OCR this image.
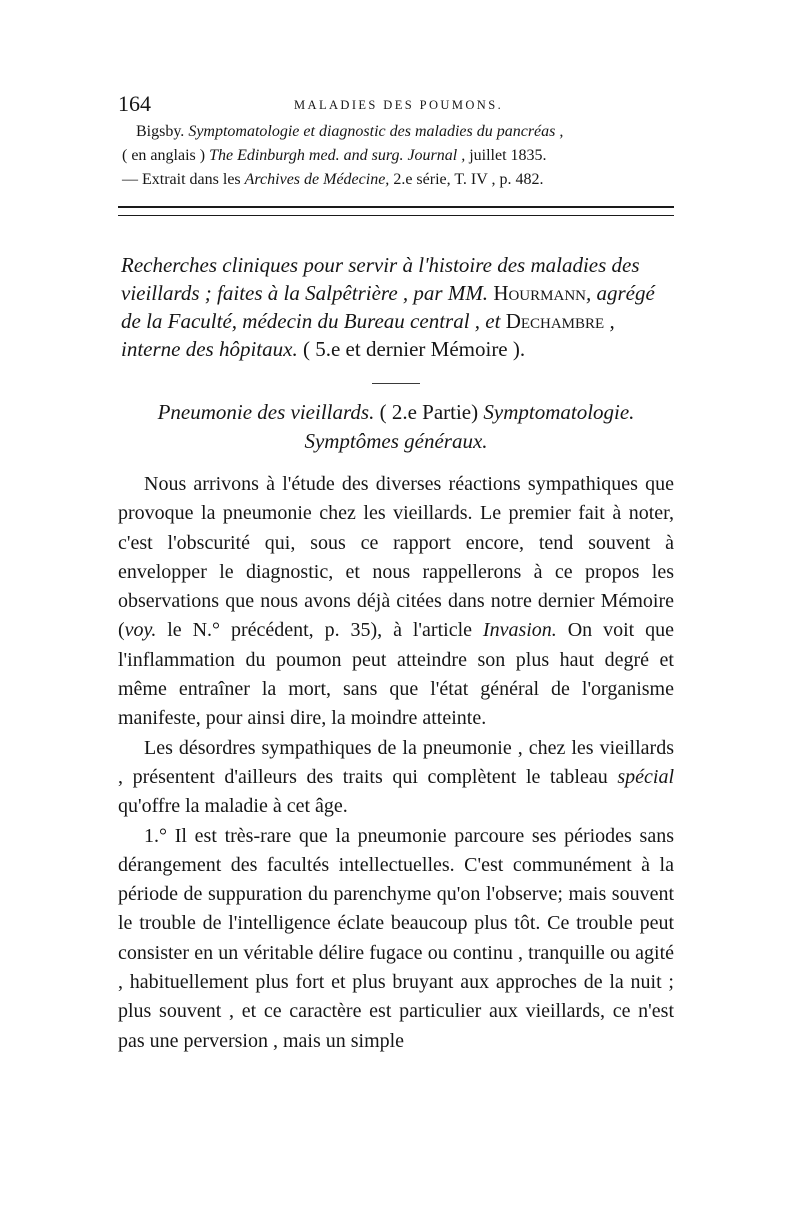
164	MALADIES DES POUMONS.

Bigsby. Symptomatologie et diagnostic des maladies du pancréas ,

( en anglais ) The Edinburgh med. and surg. Journal , juillet 1835.

— Extrait dans les Archives de Médecine, 2.e série, T. IV , p. 482.

Recherches cliniques pour servir à l'histoire des maladies des vieillards ; faites à la Salpêtrière , par MM. Hourmann, agrégé de la Faculté, médecin du Bureau central , et Dechambre , interne des hôpitaux. ( 5.e et dernier Mémoire ).
Pneumonie des vieillards. ( 2.e Partie) Symptomatologie.
Symptômes généraux.

Nous arrivons à l'étude des diverses réactions sympathiques que provoque la pneumonie chez les vieillards. Le premier fait à noter, c'est l'obscurité qui, sous ce rapport encore, tend souvent à envelopper le diagnostic, et nous rappellerons à ce propos les observations que nous avons déjà citées dans notre dernier Mémoire (voy. le N.° précédent, p. 35), à l'article Invasion. On voit que l'inflammation du poumon peut atteindre son plus haut degré et même entraîner la mort, sans que l'état général de l'organisme manifeste, pour ainsi dire, la moindre atteinte.

Les désordres sympathiques de la pneumonie , chez les vieillards , présentent d'ailleurs des traits qui complètent le tableau spécial qu'offre la maladie à cet âge.

1.° Il est très-rare que la pneumonie parcoure ses périodes sans dérangement des facultés intellectuelles. C'est communément à la période de suppuration du parenchyme qu'on l'observe; mais souvent le trouble de l'intelligence éclate beaucoup plus tôt. Ce trouble peut consister en un véritable délire fugace ou continu , tranquille ou agité , habituellement plus fort et plus bruyant aux approches de la nuit ; plus souvent , et ce caractère est particulier aux vieillards, ce n'est pas une perversion , mais un simple
